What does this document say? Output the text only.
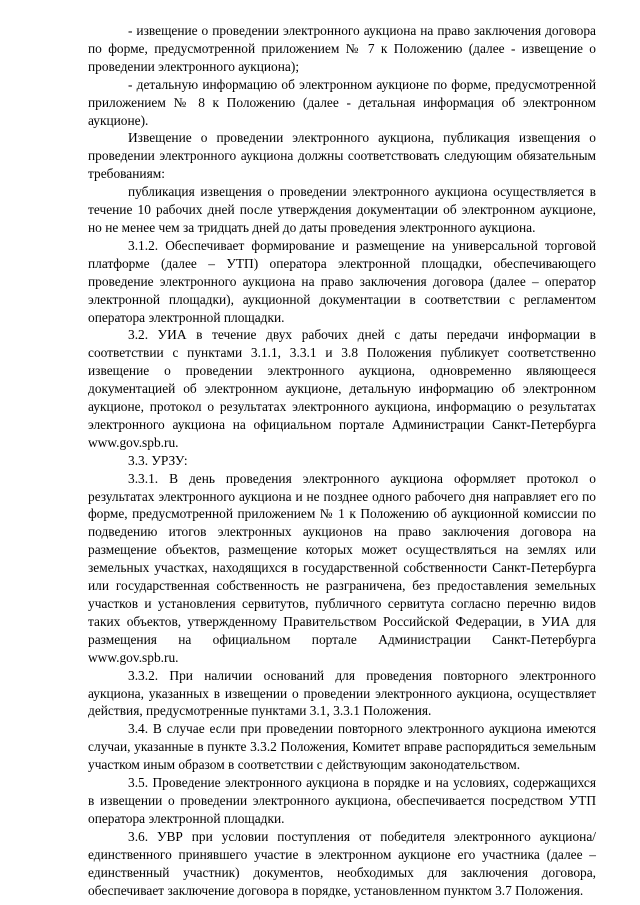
- извещение о проведении электронного аукциона на право заключения договора по форме, предусмотренной приложением № 7 к Положению (далее - извещение о проведении электронного аукциона);

- детальную информацию об электронном аукционе по форме, предусмотренной приложением № 8 к Положению (далее - детальная информация об электронном аукционе).

Извещение о проведении электронного аукциона, публикация извещения о проведении электронного аукциона должны соответствовать следующим обязательным требованиям:

публикация извещения о проведении электронного аукциона осуществляется в течение 10 рабочих дней после утверждения документации об электронном аукционе, но не менее чем за тридцать дней до даты проведения электронного аукциона.

3.1.2. Обеспечивает формирование и размещение на универсальной торговой платформе (далее – УТП) оператора электронной площадки, обеспечивающего проведение электронного аукциона на право заключения договора (далее – оператор электронной площадки), аукционной документации в соответствии с регламентом оператора электронной площадки.

3.2. УИА в течение двух рабочих дней с даты передачи информации в соответствии с пунктами 3.1.1, 3.3.1 и 3.8 Положения публикует соответственно извещение о проведении электронного аукциона, одновременно являющееся документацией об электронном аукционе, детальную информацию об электронном аукционе, протокол о результатах электронного аукциона, информацию о результатах электронного аукциона на официальном портале Администрации Санкт-Петербурга www.gov.spb.ru.

3.3. УРЗУ:

3.3.1. В день проведения электронного аукциона оформляет протокол о результатах электронного аукциона и не позднее одного рабочего дня направляет его по форме, предусмотренной приложением № 1 к Положению об аукционной комиссии по подведению итогов электронных аукционов на право заключения договора на размещение объектов, размещение которых может осуществляться на землях или земельных участках, находящихся в государственной собственности Санкт-Петербурга или государственная собственность не разграничена, без предоставления земельных участков и установления сервитутов, публичного сервитута согласно перечню видов таких объектов, утвержденному Правительством Российской Федерации, в УИА для размещения на официальном портале Администрации Санкт-Петербурга www.gov.spb.ru.

3.3.2. При наличии оснований для проведения повторного электронного аукциона, указанных в извещении о проведении электронного аукциона, осуществляет действия, предусмотренные пунктами 3.1, 3.3.1 Положения.

3.4. В случае если при проведении повторного электронного аукциона имеются случаи, указанные в пункте 3.3.2 Положения, Комитет вправе распорядиться земельным участком иным образом в соответствии с действующим законодательством.

3.5. Проведение электронного аукциона в порядке и на условиях, содержащихся в извещении о проведении электронного аукциона, обеспечивается посредством УТП оператора электронной площадки.

3.6. УВР при условии поступления от победителя электронного аукциона/единственного принявшего участие в электронном аукционе его участника (далее – единственный участник) документов, необходимых для заключения договора, обеспечивает заключение договора в порядке, установленном пунктом 3.7 Положения.
